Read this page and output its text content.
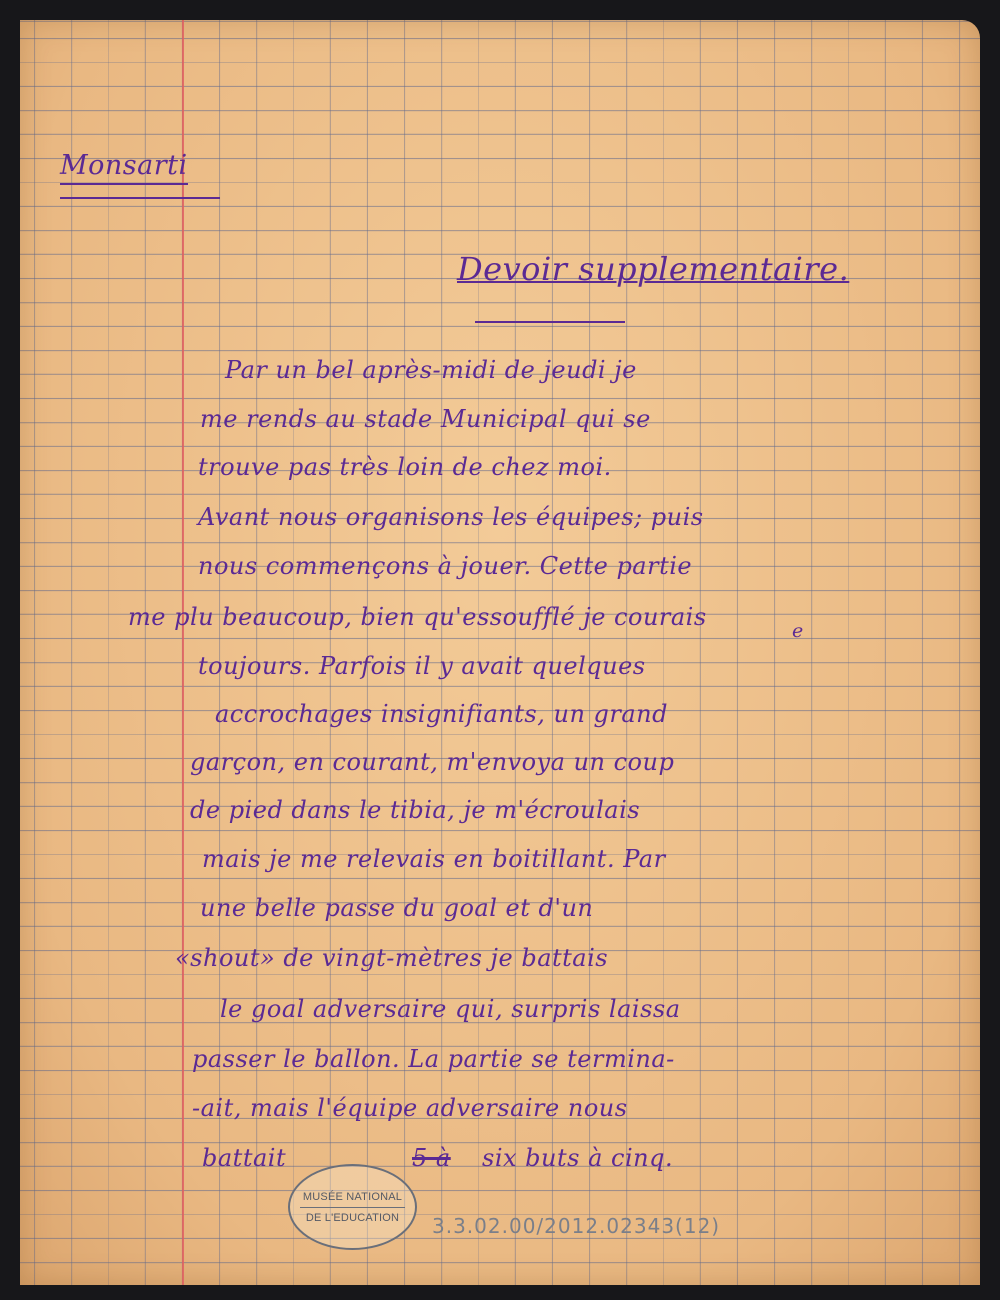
Monsarti
Devoir supplementaire.
Par un bel après-midi de jeudi je
me rends au stade Municipal qui se
trouve pas très loin de chez moi.
Avant nous organisons les équipes; puis
nous commençons à jouer. Cette partie
me plu beaucoup, bien qu'essoufflé je courais	e
toujours. Parfois il y avait quelques
accrochages insignifiants, un grand
garçon, en courant, m'envoya un coup
de pied dans le tibia, je m'écroulais
mais je me relevais en boitillant. Par
une belle passe du goal et d'un
«shout» de vingt-mètres je battais
le goal adversaire qui, surpris laissa
passer le ballon. La partie se termina-
-ait, mais l'équipe adversaire nous
battait	5 à six buts à cinq.
MUSÉE NATIONAL
DE L'EDUCATION 3.3.02.00/2012.02343(12)
